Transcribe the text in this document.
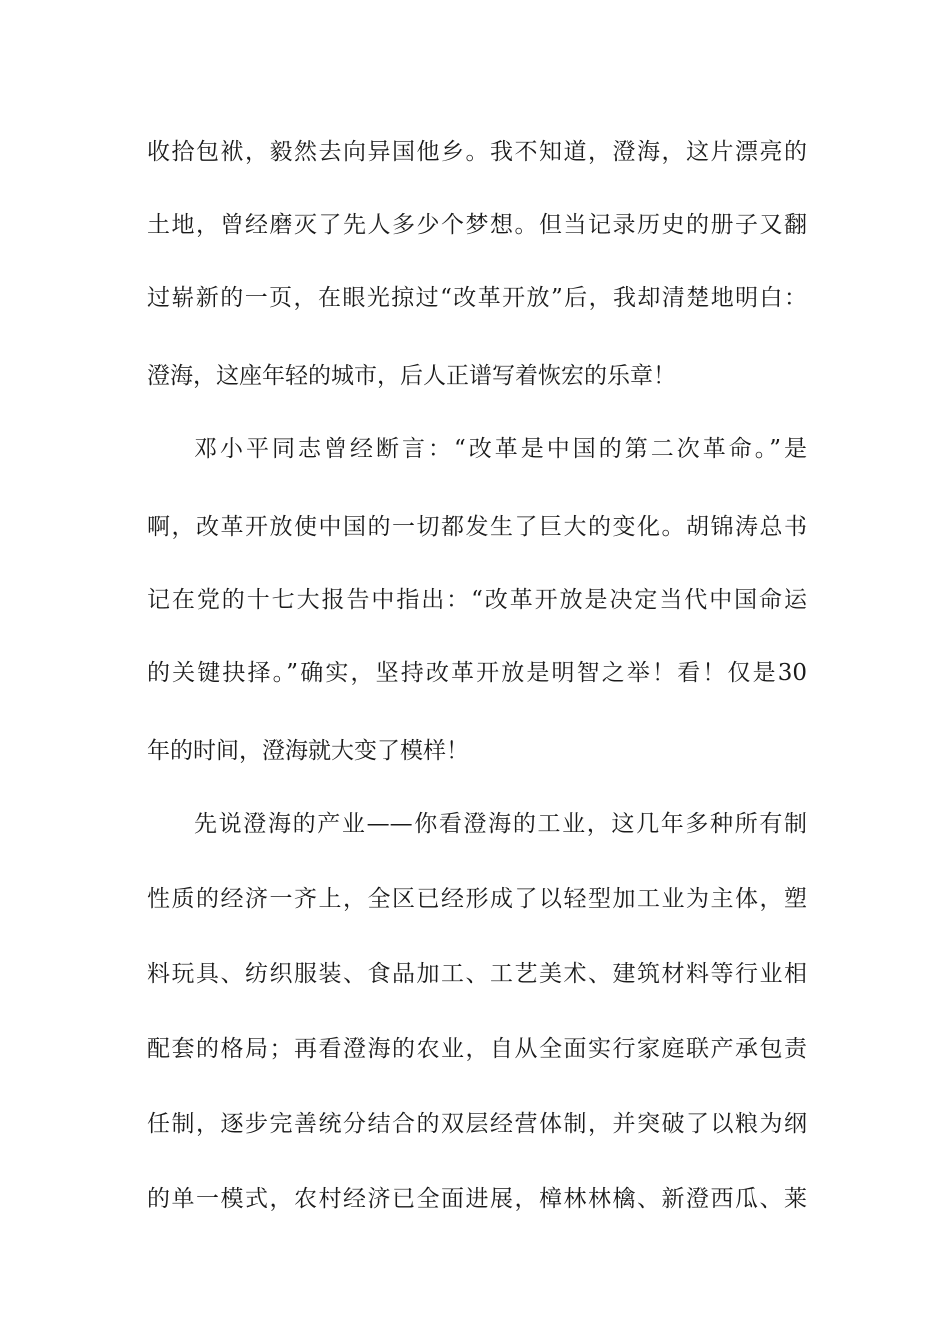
收拾包袱，毅然去向异国他乡。我不知道，澄海，这片漂亮的
土地，曾经磨灭了先人多少个梦想。但当记录历史的册子又翻
过崭新的一页，在眼光掠过“改革开放”后，我却清楚地明白：
澄海，这座年轻的城市，后人正谱写着恢宏的乐章！
邓小平同志曾经断言：“改革是中国的第二次革命。”是
啊，改革开放使中国的一切都发生了巨大的变化。胡锦涛总书
记在党的十七大报告中指出：“改革开放是决定当代中国命运
的关键抉择。”确实，坚持改革开放是明智之举！看！仅是30
年的时间，澄海就大变了模样！
先说澄海的产业——你看澄海的工业，这几年多种所有制
性质的经济一齐上，全区已经形成了以轻型加工业为主体，塑
料玩具、纺织服装、食品加工、工艺美术、建筑材料等行业相
配套的格局；再看澄海的农业，自从全面实行家庭联产承包责
任制，逐步完善统分结合的双层经营体制，并突破了以粮为纲
的单一模式，农村经济已全面进展，樟林林檎、新澄西瓜、莱
